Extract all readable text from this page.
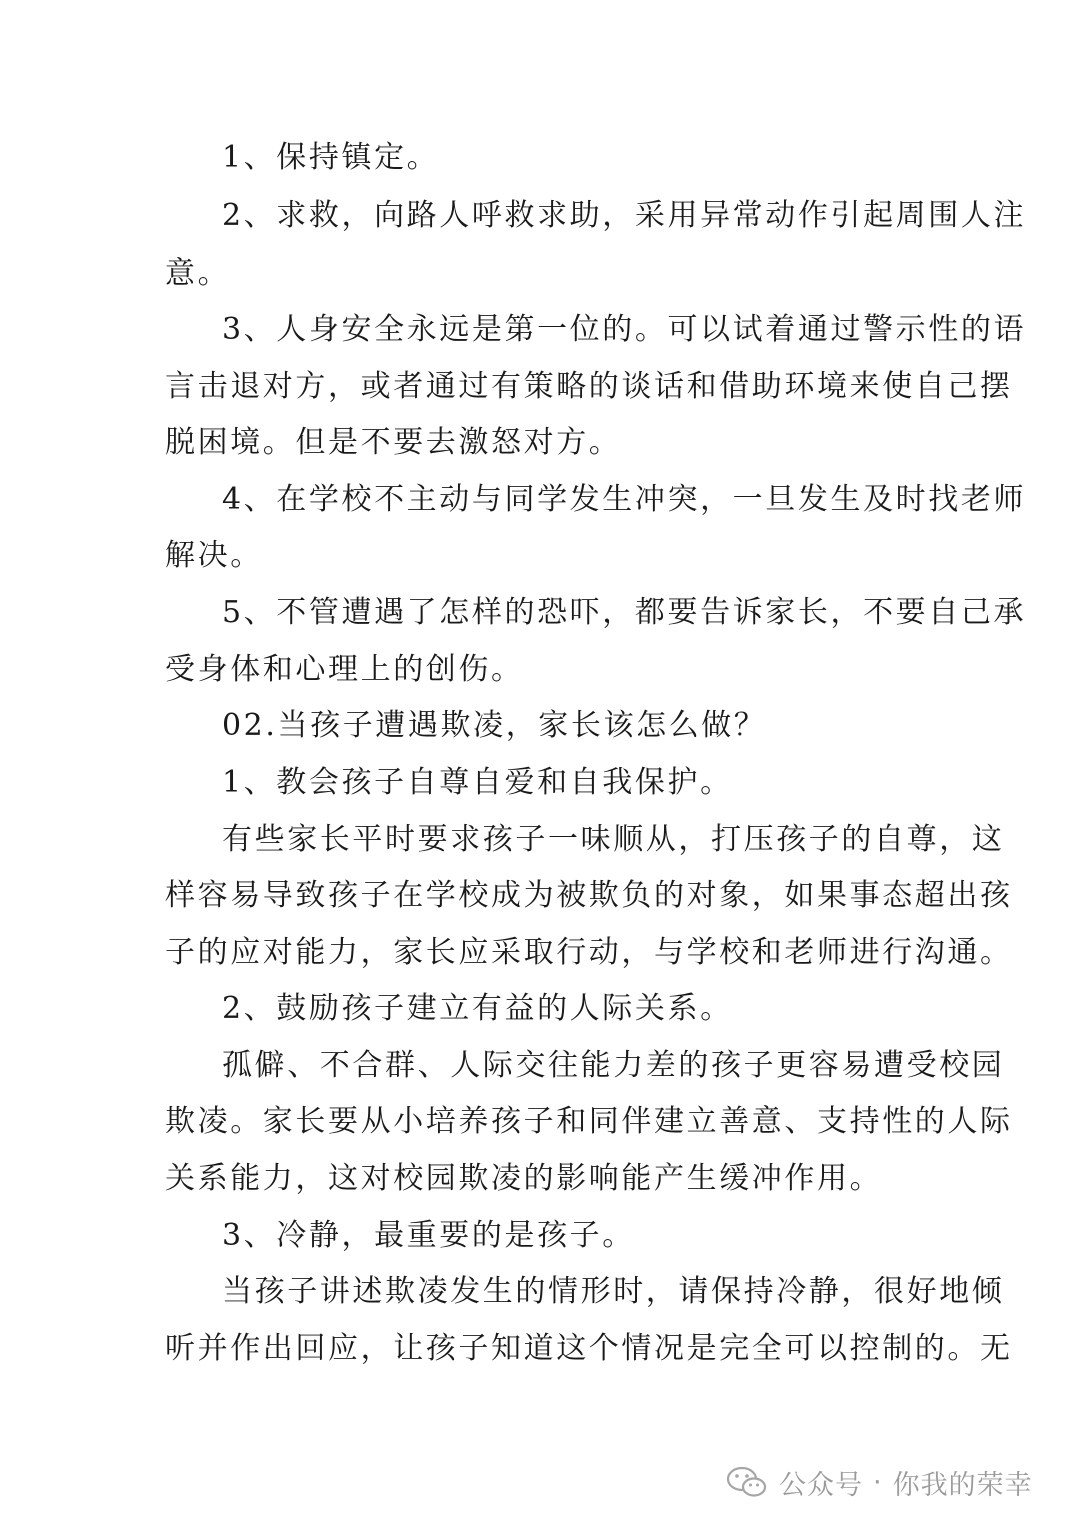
1、保持镇定。
2、求救，向路人呼救求助，采用异常动作引起周围人注
意。
3、人身安全永远是第一位的。可以试着通过警示性的语
言击退对方，或者通过有策略的谈话和借助环境来使自己摆
脱困境。但是不要去激怒对方。
4、在学校不主动与同学发生冲突，一旦发生及时找老师
解决。
5、不管遭遇了怎样的恐吓，都要告诉家长，不要自己承
受身体和心理上的创伤。
02.当孩子遭遇欺凌，家长该怎么做？
1、教会孩子自尊自爱和自我保护。
有些家长平时要求孩子一味顺从，打压孩子的自尊，这
样容易导致孩子在学校成为被欺负的对象，如果事态超出孩
子的应对能力，家长应采取行动，与学校和老师进行沟通。
2、鼓励孩子建立有益的人际关系。
孤僻、不合群、人际交往能力差的孩子更容易遭受校园
欺凌。家长要从小培养孩子和同伴建立善意、支持性的人际
关系能力，这对校园欺凌的影响能产生缓冲作用。
3、冷静，最重要的是孩子。
当孩子讲述欺凌发生的情形时，请保持冷静，很好地倾
听并作出回应，让孩子知道这个情况是完全可以控制的。无
公众号 · 你我的荣幸
